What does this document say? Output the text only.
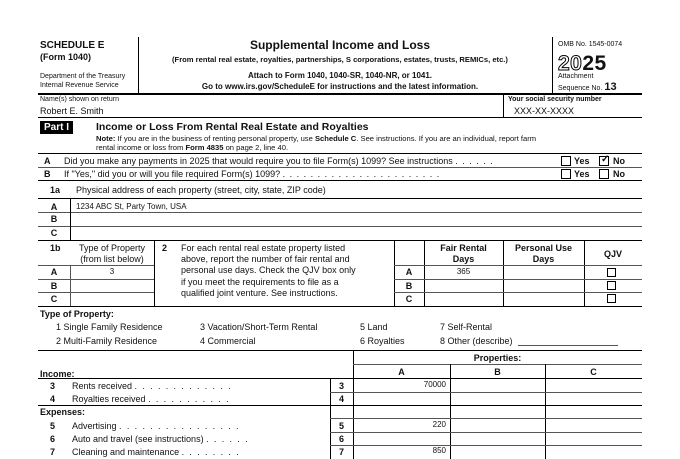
SCHEDULE E
(Form 1040)
Department of the Treasury
Internal Revenue Service
Supplemental Income and Loss
(From rental real estate, royalties, partnerships, S corporations, estates, trusts, REMICs, etc.)
Attach to Form 1040, 1040-SR, 1040-NR, or 1041.
Go to www.irs.gov/ScheduleE for instructions and the latest information.
OMB No. 1545-0074
2025
Attachment
Sequence No. 13
Name(s) shown on return
Robert E. Smith
Your social security number
XXX-XX-XXXX
Part I	Income or Loss From Rental Real Estate and Royalties
Note: If you are in the business of renting personal property, use Schedule C. See instructions. If you are an individual, report farm
rental income or loss from Form 4835 on page 2, line 40.
A Did you make any payments in 2025 that would require you to file Form(s) 1099? See instructions . . . . . .	Yes ✓	No
B If "Yes," did you or will you file required Form(s) 1099? . . . . . . . . . . . . . . . . . . . . . . .	Yes	No
1a Physical address of each property (street, city, state, ZIP code)
A	1234 ABC St, Party Town, USA
B
C
1b	Type of Property
(from list below)
A	3
B
C
2 For each rental real estate property listed
above, report the number of fair rental and
personal use days. Check the QJV box only
if you meet the requirements to file as a
qualified joint venture. See instructions.
Fair Rental
Days
Personal Use
Days	QJV
A	365
B
C
Type of Property:
1 Single Family Residence
2 Multi-Family Residence
3 Vacation/Short-Term Rental
4 Commercial
5 Land
6 Royalties
7 Self-Rental
8 Other (describe)
Properties:
A	B	C
Income:
3 Rents received . . . . . . . . . . . . .	3	70000
4 Royalties received . . . . . . . . . . .	4
Expenses:
5 Advertising . . . . . . . . . . . . . . . .	5	220
6 Auto and travel (see instructions) . . . . . .	6
7 Cleaning and maintenance . . . . . . . .	7	850
